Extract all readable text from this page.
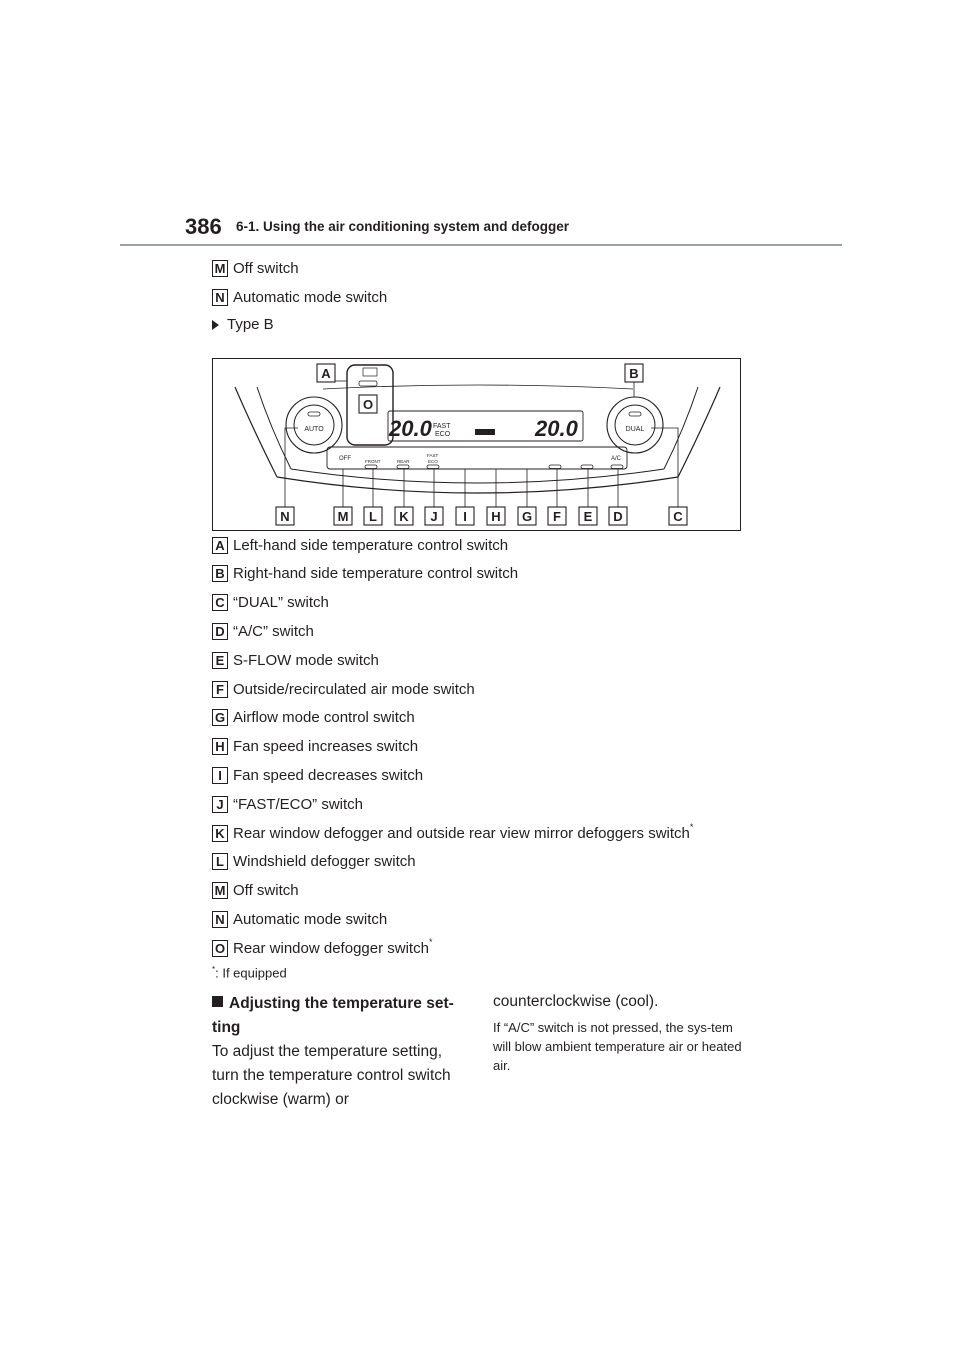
386 6-1. Using the air conditioning system and defogger
M Off switch
N Automatic mode switch
Type B
20.0 FAST
ECO	20.0
AUTO	DUAL
OFF	FRONT	REAR
FAST
ECO	A/C
A	B
O
N	M L K J I H G F E D	C
A Left-hand side temperature control switch
B Right-hand side temperature control switch
C “DUAL” switch
D “A/C” switch
E S-FLOW mode switch
F Outside/recirculated air mode switch
G Airflow mode control switch
H Fan speed increases switch
I Fan speed decreases switch
J “FAST/ECO” switch
K Rear window defogger and outside rear view mirror defoggers switch*
L Windshield defogger switch
M Off switch
N Automatic mode switch
O Rear window defogger switch*
*: If equipped
Adjusting the temperature set-ting
To adjust the temperature setting, turn the temperature control switch clockwise (warm) or
counterclockwise (cool).
If “A/C” switch is not pressed, the sys-tem will blow ambient temperature air or heated air.
